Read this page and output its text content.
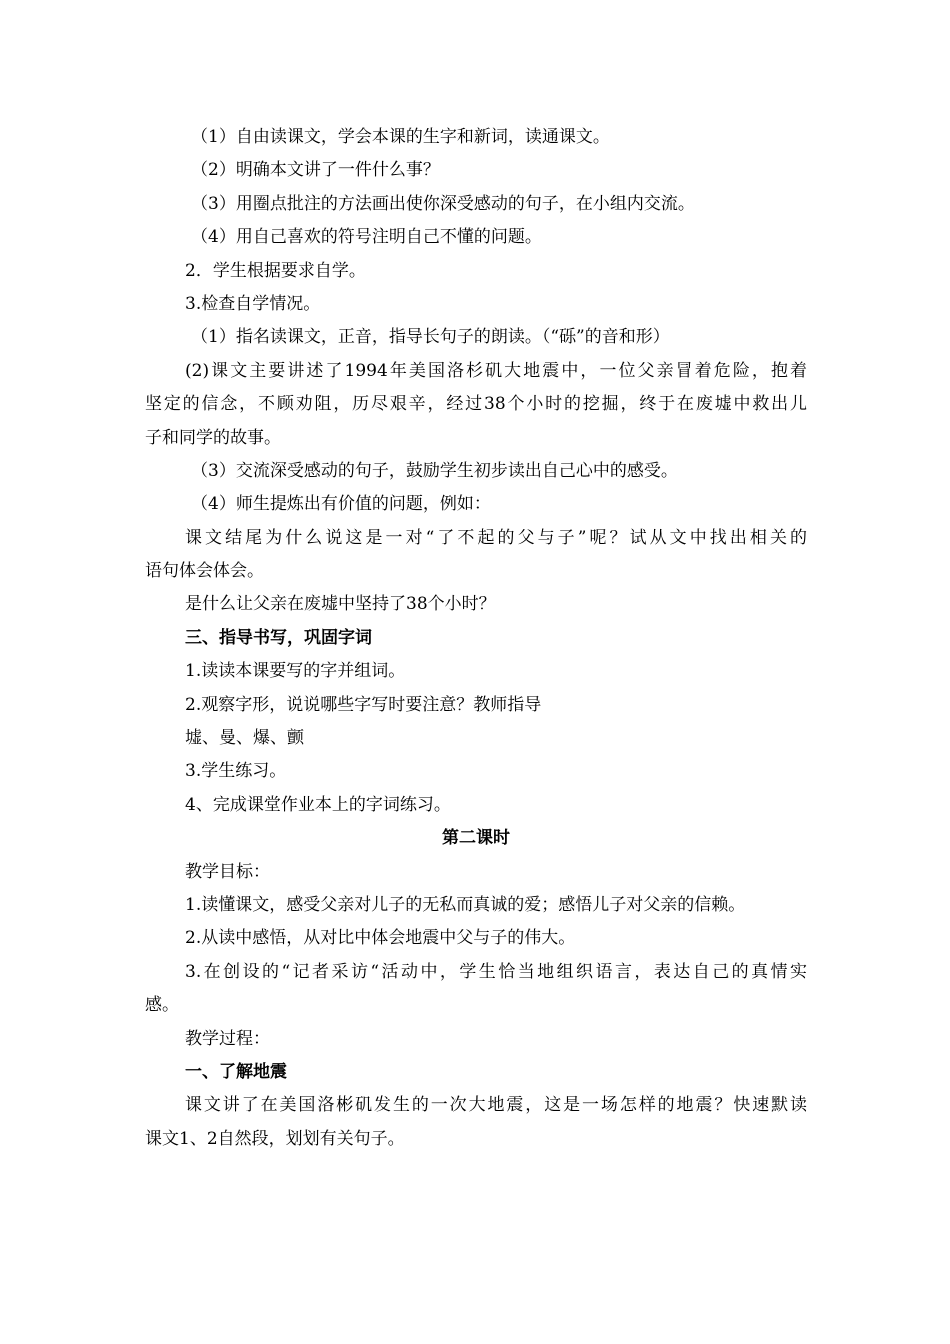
（1）自由读课文，学会本课的生字和新词，读通课文。
（2）明确本文讲了一件什么事？
（3）用圈点批注的方法画出使你深受感动的句子，在小组内交流。
（4）用自己喜欢的符号注明自己不懂的问题。
2．学生根据要求自学。
3.检查自学情况。
（1）指名读课文，正音，指导长句子的朗读。（“砾”的音和形）
(2)课文主要讲述了1994年美国洛杉矶大地震中，一位父亲冒着危险，抱着
坚定的信念，不顾劝阻，历尽艰辛，经过38个小时的挖掘，终于在废墟中救出儿
子和同学的故事。
（3）交流深受感动的句子，鼓励学生初步读出自己心中的感受。
（4）师生提炼出有价值的问题，例如：
课文结尾为什么说这是一对“了不起的父与子”呢？试从文中找出相关的
语句体会体会。
是什么让父亲在废墟中坚持了38个小时？
三、指导书写，巩固字词
1.读读本课要写的字并组词。
2.观察字形，说说哪些字写时要注意？教师指导
墟、曼、爆、颤
3.学生练习。
4、完成课堂作业本上的字词练习。
第二课时
教学目标：
1.读懂课文，感受父亲对儿子的无私而真诚的爱；感悟儿子对父亲的信赖。
2.从读中感悟，从对比中体会地震中父与子的伟大。
3.在创设的“记者采访“活动中，学生恰当地组织语言，表达自己的真情实
感。
教学过程：
一、了解地震
课文讲了在美国洛彬矶发生的一次大地震，这是一场怎样的地震？快速默读
课文1、2自然段，划划有关句子。
